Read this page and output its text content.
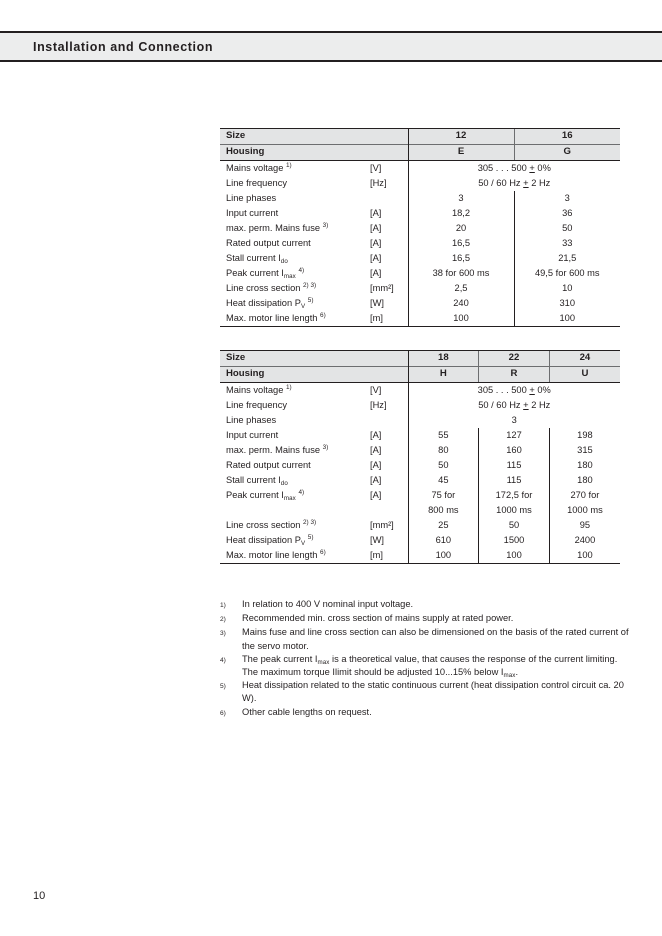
Installation and Connection
Size		12	16
Housing		E	G
Mains voltage $^{1)}$	[V]	305 . . . 500 + 0%	
Line frequency	[Hz]	50 / 60 Hz + 2 Hz	
Line phases		3	3
Input current	[A]	18,2	36
max. perm. Mains fuse $^{3)}$	[A]	20	50
Rated output current	[A]	16,5	33
Stall current $I_{do}$	[A]	16,5	21,5
Peak current $I_{max}$ $^{4)}$	[A]	38 for 600 ms	49,5 for 600 ms
Line cross section $^{2) 3)}$	[mm²]	2,5	10
Heat dissipation $P_V$ $^{5)}$	[W]	240	310
Max. motor line length $^{6)}$	[m]	100	100
Size		18	22	24
Housing		H	R	U
Mains voltage $^{1)}$	[V]	305 . . . 500 + 0%		
Line frequency	[Hz]	50 / 60 Hz + 2 Hz		
Line phases		3		
Input current	[A]	55	127	198
max. perm. Mains fuse $^{3)}$	[A]	80	160	315
Rated output current	[A]	50	115	180
Stall current $I_{do}$	[A]	45	115	180
Peak current $I_{max}$ $^{4)}$	[A]	75 for	172,5 for	270 for
		800 ms	1000 ms	1000 ms
Line cross section $^{2) 3)}$	[mm²]	25	50	95
Heat dissipation $P_V$ $^{5)}$	[W]	610	1500	2400
Max. motor line length $^{6)}$	[m]	100	100	100
1)	In relation to 400 V nominal input voltage.
2)	Recommended min. cross section of mains supply at rated power.
3)	Mains fuse and line cross section can also be dimensioned on the basis of the rated current of the servo motor.
4)	The peak current $I_{max}$ is a theoretical value, that causes the response of the current limiting. The maximum torque Ilimit should be adjusted 10...15% below $I_{max}$.
5)	Heat dissipation related to the static continuous current (heat dissipation control circuit ca. 20 W).
6)	Other cable lengths on request.
10
